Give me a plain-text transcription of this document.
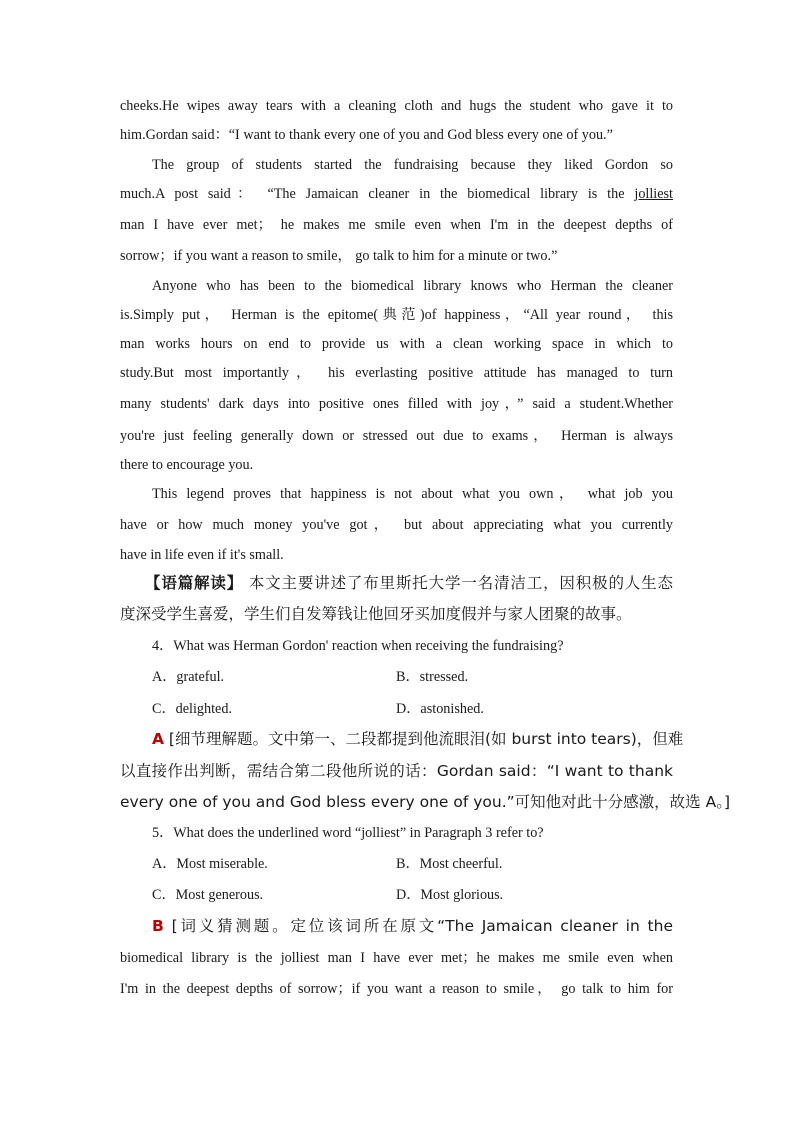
cheeks.He wipes away tears with a cleaning cloth and hugs the student who gave it to
him.Gordan said：“I want to thank every one of you and God bless every one of you.”
The group of students started the fundraising because they liked Gordon so
much.A post said： “The Jamaican cleaner in the biomedical library is the jolliest
man I have ever met； he makes me smile even when I'm in the deepest depths of
sorrow；if you want a reason to smile， go talk to him for a minute or two.”
Anyone who has been to the biomedical library knows who Herman the cleaner
is.Simply put， Herman is the epitome(典范)of happiness，“All year round， this
man works hours on end to provide us with a clean working space in which to
study.But most importantly， his everlasting positive attitude has managed to turn
many students' dark days into positive ones filled with joy，” said a student.Whether
you're just feeling generally down or stressed out due to exams， Herman is always
there to encourage you.
This legend proves that happiness is not about what you own， what job you
have or how much money you've got， but about appreciating what you currently
have in life even if it's small.
【语篇解读】 本文主要讲述了布里斯托大学一名清洁工，因积极的人生态
度深受学生喜爱，学生们自发筹钱让他回牙买加度假并与家人团聚的故事。
4．What was Herman Gordon' reaction when receiving the fundraising?
A．grateful.	B．stressed.
C．delighted.	D．astonished.
A [细节理解题。文中第一、二段都提到他流眼泪(如 burst into tears)，但难
以直接作出判断，需结合第二段他所说的话：Gordan said：“I want to thank
every one of you and God bless every one of you.”可知他对此十分感激，故选 A。]
5．What does the underlined word “jolliest” in Paragraph 3 refer to?
A．Most miserable.	B．Most cheerful.
C．Most generous.	D．Most glorious.
B [词义猜测题。定位该词所在原文“The Jamaican cleaner in the
biomedical library is the jolliest man I have ever met；he makes me smile even when
I'm in the deepest depths of sorrow；if you want a reason to smile， go talk to him for
